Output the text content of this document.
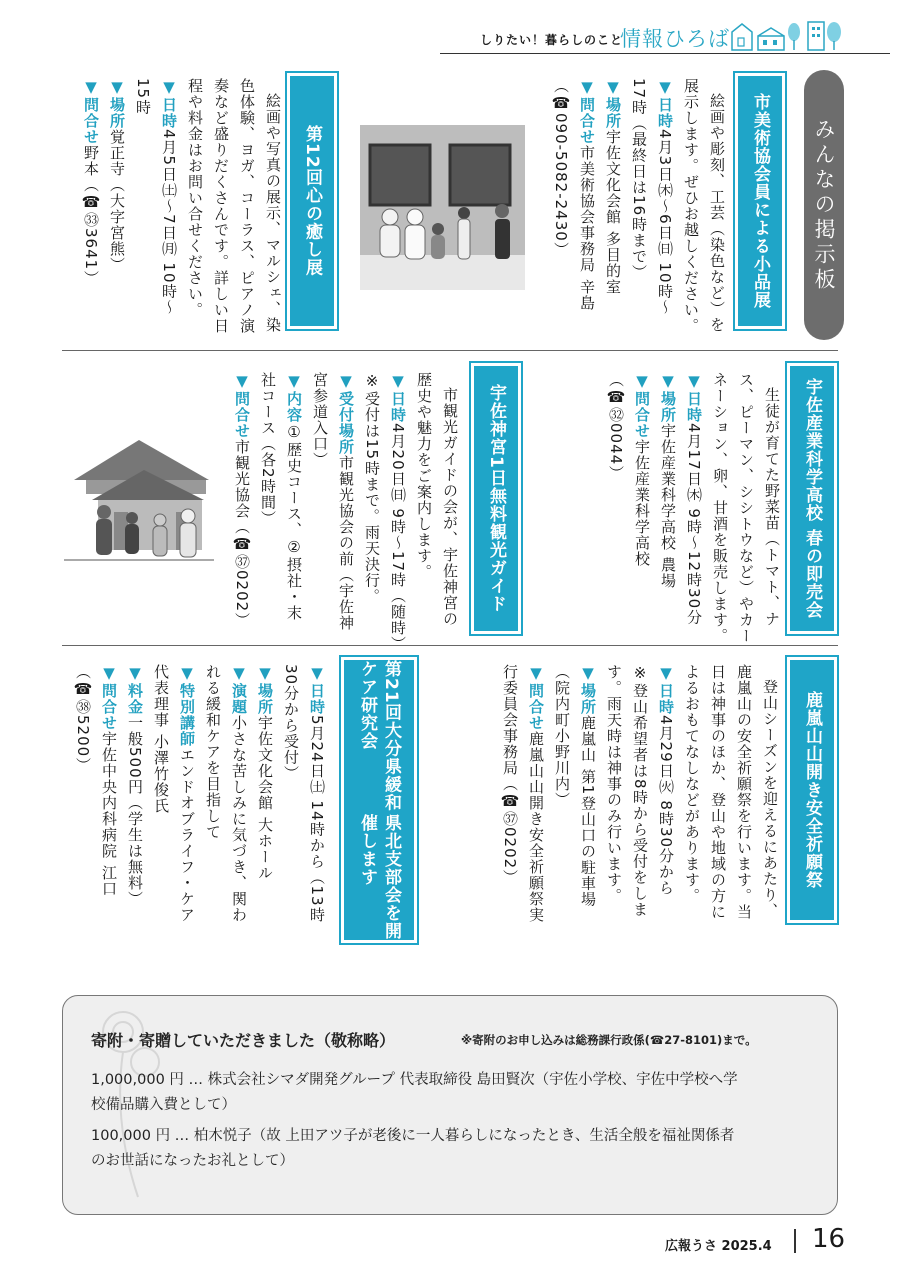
しりたい！暮らしのこと
情報ひろば
みんなの掲示板
市美術協会員による小品展

絵画や彫刻、工芸（染色など）を

展示します。ぜひお越しください。

▼日時4月3日㈭～6日㈰ 10時～

17時（最終日は16時まで）

▼場所宇佐文化会館 多目的室

▼問合せ市美術協会事務局 辛島

（☎090-5082-2430）

第12回心の癒し展

絵画や写真の展示、マルシェ、染

色体験、ヨガ、コーラス、ピアノ演

奏など盛りだくさんです。詳しい日

程や料金はお問い合せください。

▼日時4月5日㈯～7日㈪ 10時～

15時

▼場所覚正寺（大字宮熊）

▼問合せ野本（☎㉝3641）

宇佐産業科学高校 春の即売会

生徒が育てた野菜苗（トマト、ナ

ス、ピーマン、シシトウなど）やカー

ネーション、卵、甘酒を販売します。

▼日時4月17日㈭ 9時～12時30分

▼場所宇佐産業科学高校 農場

▼問合せ宇佐産業科学高校

（☎㉜0044）

宇佐神宮1日無料観光ガイド

市観光ガイドの会が、宇佐神宮の

歴史や魅力をご案内します。

▼日時4月20日㈰ 9時～17時（随時）

※受付は15時まで。雨天決行。

▼受付場所市観光協会の前（宇佐神

宮参道入口）

▼内容①歴史コース、②摂社・末

社コース（各2時間）

▼問合せ市観光協会（☎㊲0202）

鹿嵐山山開き安全祈願祭

登山シーズンを迎えるにあたり、

鹿嵐山の安全祈願祭を行います。当

日は神事のほか、登山や地域の方に

よるおもてなしなどがあります。

▼日時4月29日㈫ 8時30分から

※登山希望者は8時から受付をしま

す。雨天時は神事のみ行います。

▼場所鹿嵐山 第1登山口の駐車場

（院内町小野川内）

▼問合せ鹿嵐山山開き安全祈願祭実

行委員会事務局（☎㊲0202）

第21回大分県緩和ケア研究会
県北支部会を開催します

▼日時5月24日㈯ 14時から（13時

30分から受付）

▼場所宇佐文化会館 大ホール

▼演題小さな苦しみに気づき、関わ

れる緩和ケアを目指して

▼特別講師エンドオブライフ・ケア

代表理事 小澤竹俊氏

▼料金一般500円（学生は無料）

▼問合せ宇佐中央内科病院 江口

（☎㊳5200）

寄附・寄贈していただきました（敬称略）	※寄附のお申し込みは総務課行政係(☎27-8101)まで。
1,000,000 円 … 株式会社シマダ開発グループ 代表取締役 島田賢次（宇佐小学校、宇佐中学校へ学
校備品購入費として）
100,000 円 … 柏木悦子（故 上田アツ子が老後に一人暮らしになったとき、生活全般を福祉関係者
のお世話になったお礼として）
広報うさ 2025.4 16
